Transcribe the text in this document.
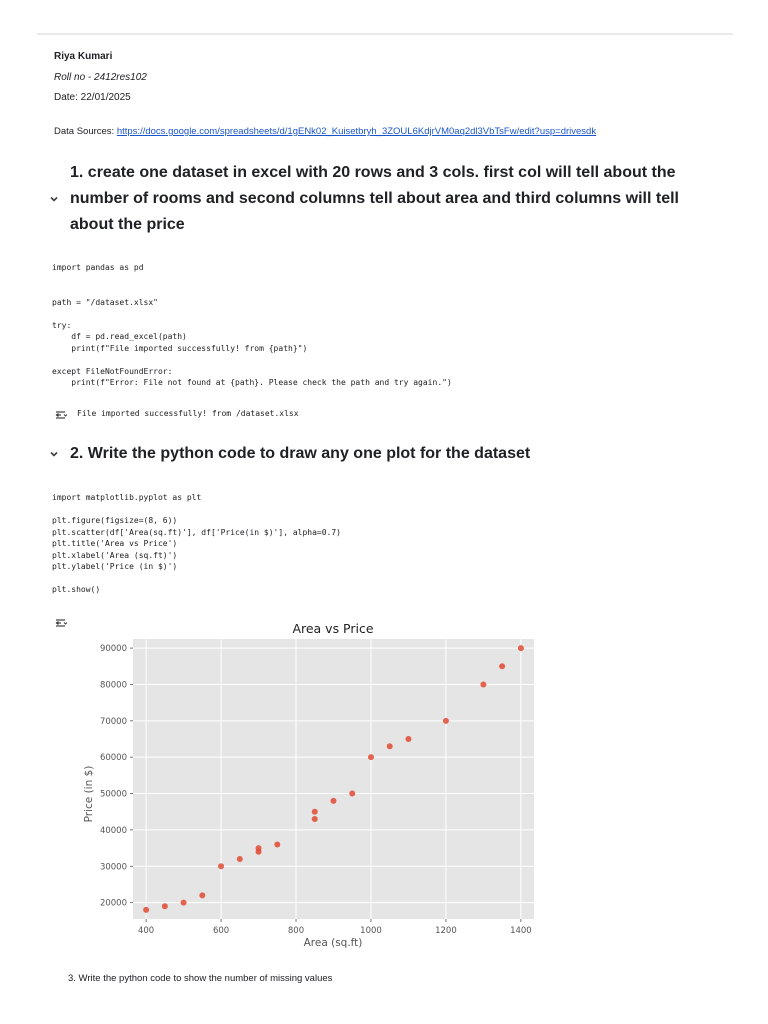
Riya Kumari
Roll no - 2412res102
Date: 22/01/2025
Data Sources: https://docs.google.com/spreadsheets/d/1gENk02_Kuisetbryh_3ZOUL6KdjrVM0aq2dl3VbTsFw/edit?usp=drivesdk
1. create one dataset in excel with 20 rows and 3 cols. first col will tell about the number of rooms and second columns tell about area and third columns will tell about the price
import pandas as pd

path = "/dataset.xlsx"

try:
df = pd.read_excel(path)
print(f"File imported successfully! from {path}")

except FileNotFoundError:
print(f"Error: File not found at {path}. Please check the path and try again.")
File imported successfully! from /dataset.xlsx
2. Write the python code to draw any one plot for the dataset
import matplotlib.pyplot as plt

plt.figure(figsize=(8, 6))
plt.scatter(df['Area(sq.ft)'], df['Price(in $)'], alpha=0.7)
plt.title('Area vs Price')
plt.xlabel('Area (sq.ft)')
plt.ylabel('Price (in $)')

plt.show()
400	600	800	1000	1200	1400
20000
30000
40000
50000
60000
70000
80000
90000
Area vs Price
Area (sq.ft)
Price (in $)
3. Write the python code to show the number of missing values
